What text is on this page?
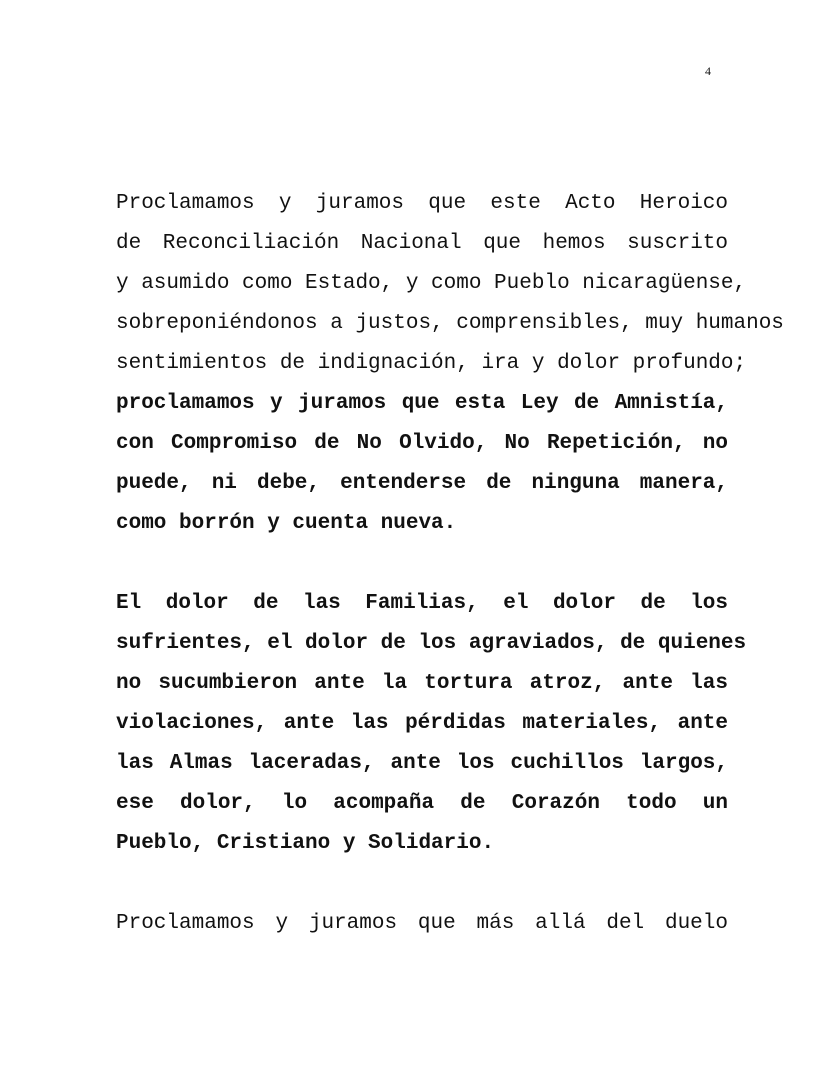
4
Proclamamos y juramos que este Acto Heroico
de Reconciliación Nacional que hemos suscrito
y asumido como Estado, y como Pueblo nicaragüense,
sobreponiéndonos a justos, comprensibles, muy humanos
sentimientos de indignación, ira y dolor profundo;
proclamamos y juramos que esta Ley de Amnistía,
con Compromiso de No Olvido, No Repetición, no
puede, ni debe, entenderse de ninguna manera,
como borrón y cuenta nueva.
El dolor de las Familias, el dolor de los
sufrientes, el dolor de los agraviados, de quienes
no sucumbieron ante la tortura atroz, ante las
violaciones, ante las pérdidas materiales, ante
las Almas laceradas, ante los cuchillos largos,
ese dolor, lo acompaña de Corazón todo un
Pueblo, Cristiano y Solidario.
Proclamamos y juramos que más allá del duelo
